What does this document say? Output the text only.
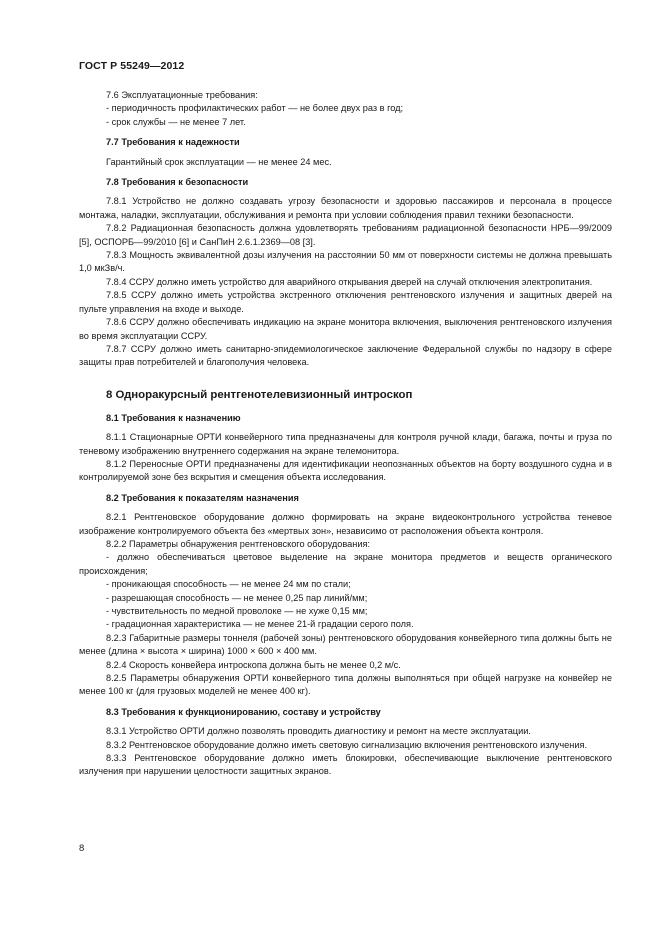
ГОСТ Р 55249—2012

7.6 Эксплуатационные требования:

- периодичность профилактических работ — не более двух раз в год;

- срок службы — не менее 7 лет.

7.7 Требования к надежности

Гарантийный срок эксплуатации — не менее 24 мес.

7.8 Требования к безопасности

7.8.1 Устройство не должно создавать угрозу безопасности и здоровью пассажиров и персонала в процессе монтажа, наладки, эксплуатации, обслуживания и ремонта при условии соблюдения правил техники безопасности.

7.8.2 Радиационная безопасность должна удовлетворять требованиям радиационной безопасности НРБ—99/2009 [5], ОСПОРБ—99/2010 [6] и СанПиН 2.6.1.2369—08 [3].

7.8.3 Мощность эквивалентной дозы излучения на расстоянии 50 мм от поверхности системы не должна превышать 1,0 мкЗв/ч.

7.8.4 ССРУ должно иметь устройство для аварийного открывания дверей на случай отключения электропитания.

7.8.5 ССРУ должно иметь устройства экстренного отключения рентгеновского излучения и защитных дверей на пульте управления на входе и выходе.

7.8.6 ССРУ должно обеспечивать индикацию на экране монитора включения, выключения рентгеновского излучения во время эксплуатации ССРУ.

7.8.7 ССРУ должно иметь санитарно-эпидемиологическое заключение Федеральной службы по надзору в сфере защиты прав потребителей и благополучия человека.

8 Одноракурсный рентгенотелевизионный интроскоп

8.1 Требования к назначению

8.1.1 Стационарные ОРТИ конвейерного типа предназначены для контроля ручной клади, багажа, почты и груза по теневому изображению внутреннего содержания на экране телемонитора.

8.1.2 Переносные ОРТИ предназначены для идентификации неопознанных объектов на борту воздушного судна и в контролируемой зоне без вскрытия и смещения объекта исследования.

8.2 Требования к показателям назначения

8.2.1 Рентгеновское оборудование должно формировать на экране видеоконтрольного устройства теневое изображение контролируемого объекта без «мертвых зон», независимо от расположения объекта контроля.

8.2.2 Параметры обнаружения рентгеновского оборудования:

- должно обеспечиваться цветовое выделение на экране монитора предметов и веществ органического происхождения;

- проникающая способность — не менее 24 мм по стали;

- разрешающая способность — не менее 0,25 пар линий/мм;

- чувствительность по медной проволоке — не хуже 0,15 мм;

- градационная характеристика — не менее 21-й градации серого поля.

8.2.3 Габаритные размеры тоннеля (рабочей зоны) рентгеновского оборудования конвейерного типа должны быть не менее (длина × высота × ширина) 1000 × 600 × 400 мм.

8.2.4 Скорость конвейера интроскопа должна быть не менее 0,2 м/с.

8.2.5 Параметры обнаружения ОРТИ конвейерного типа должны выполняться при общей нагрузке на конвейер не менее 100 кг (для грузовых моделей не менее 400 кг).

8.3 Требования к функционированию, составу и устройству

8.3.1 Устройство ОРТИ должно позволять проводить диагностику и ремонт на месте эксплуатации.

8.3.2 Рентгеновское оборудование должно иметь световую сигнализацию включения рентгеновского излучения.

8.3.3 Рентгеновское оборудование должно иметь блокировки, обеспечивающие выключение рентгеновского излучения при нарушении целостности защитных экранов.

8
